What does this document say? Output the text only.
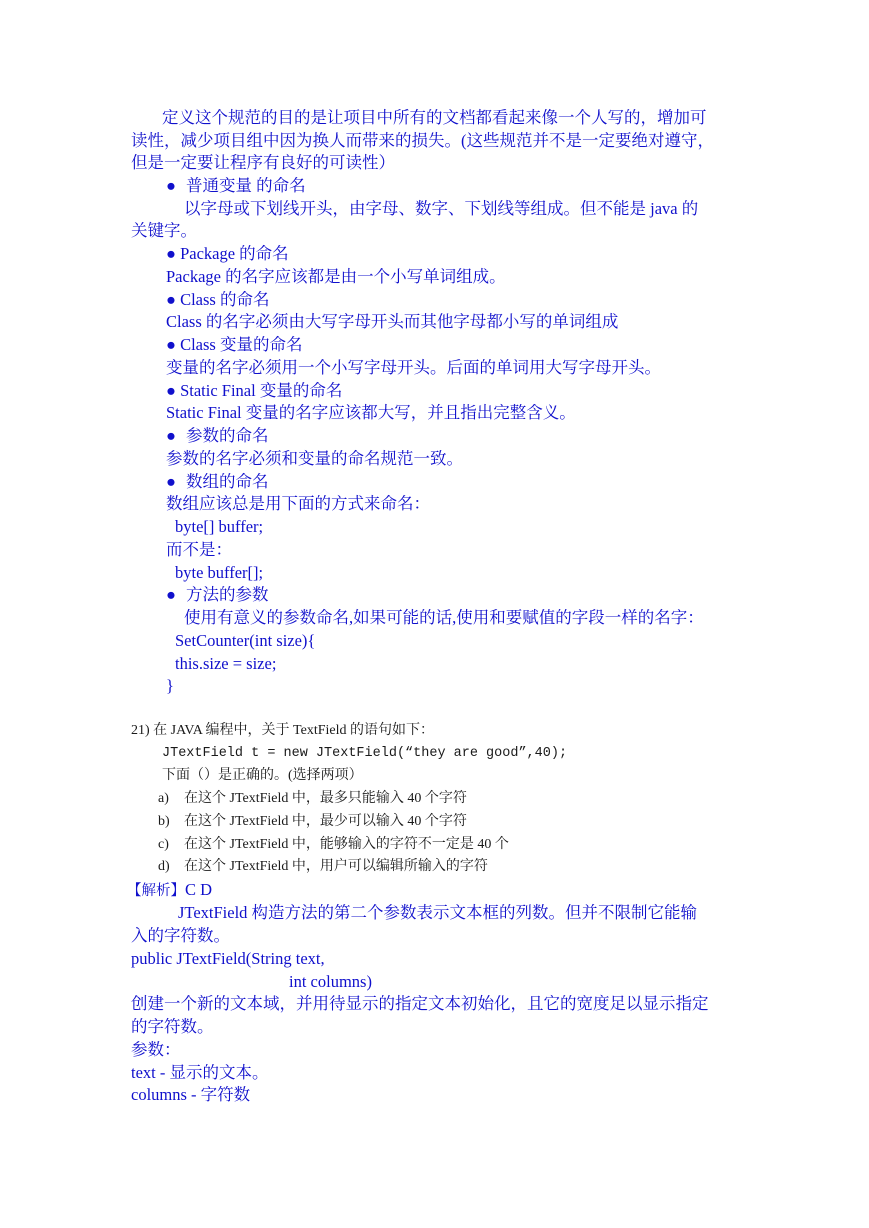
定义这个规范的目的是让项目中所有的文档都看起来像一个人写的，增加可
读性，减少项目组中因为换人而带来的损失。(这些规范并不是一定要绝对遵守，
但是一定要让程序有良好的可读性）
● 普通变量 的命名
以字母或下划线开头，由字母、数字、下划线等组成。但不能是 java 的
关键字。
● Package 的命名
Package 的名字应该都是由一个小写单词组成。
● Class 的命名
Class 的名字必须由大写字母开头而其他字母都小写的单词组成
● Class 变量的命名
变量的名字必须用一个小写字母开头。后面的单词用大写字母开头。
● Static Final 变量的命名
Static Final 变量的名字应该都大写，并且指出完整含义。
● 参数的命名
参数的名字必须和变量的命名规范一致。
● 数组的命名
数组应该总是用下面的方式来命名：
byte[] buffer;
而不是：
byte buffer[];
● 方法的参数
使用有意义的参数命名,如果可能的话,使用和要赋值的字段一样的名字：
SetCounter(int size){
this.size = size;
}
21) 在 JAVA 编程中，关于 TextField 的语句如下：
JTextField t = new JTextField(“they are good”,40);
下面（）是正确的。(选择两项）
a) 在这个 JTextField 中，最多只能输入 40 个字符
b) 在这个 JTextField 中，最少可以输入 40 个字符
c) 在这个 JTextField 中，能够输入的字符不一定是 40 个
d) 在这个 JTextField 中，用户可以编辑所输入的字符
【解析】C D
JTextField 构造方法的第二个参数表示文本框的列数。但并不限制它能输
入的字符数。
public JTextField(String text,
int columns)
创建一个新的文本域，并用待显示的指定文本初始化，且它的宽度足以显示指定
的字符数。
参数：
text - 显示的文本。
columns - 字符数
